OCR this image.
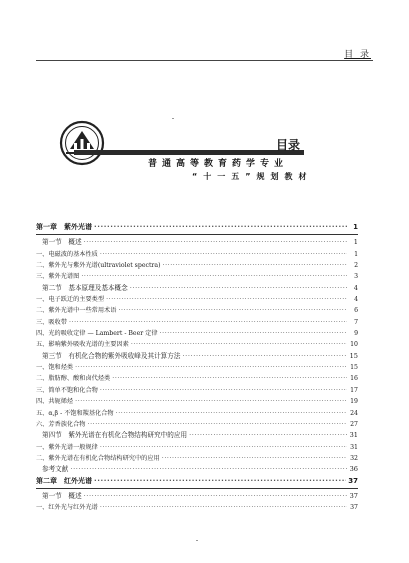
目 录
目录
普通高等教育药学专业
“十一五”规划教材
第一章　紫外光谱 ·····	1
第一节　概述 ·····	1
一、电磁波的基本性质 ·····	1
二、紫外光与紫外光谱(ultraviolet spectra) ·····	2
三、紫外光谱图 ·····	3
第二节　基本原理及基本概念 ·····	4
一、电子跃迁的主要类型 ·····	4
二、紫外光谱中一些常用术语 ·····	6
三、吸收带 ·····	7
四、光的吸收定律 — Lambert - Beer 定律 ·····	9
五、影响紫外吸收光谱的主要因素 ·····	10
第三节　有机化合物的紫外吸收峰及其计算方法 ·····	15
一、饱和烃类 ·····	15
二、脂肪醇、酸和卤代烃类 ·····	16
三、简单不饱和化合物 ·····	17
四、共轭烯烃 ·····	19
五、α,β - 不饱和羰基化合物 ·····	24
六、芳香族化合物 ·····	27
第四节　紫外光谱在有机化合物结构研究中的应用 ·····	31
一、紫外光谱一般规律 ·····	31
二、紫外光谱在有机化合物结构研究中的应用 ·····	32
参考文献 ·····	36
第二章　红外光谱 ·····	37
第一节　概述 ·····	37
一、红外光与红外光谱 ·····	37
